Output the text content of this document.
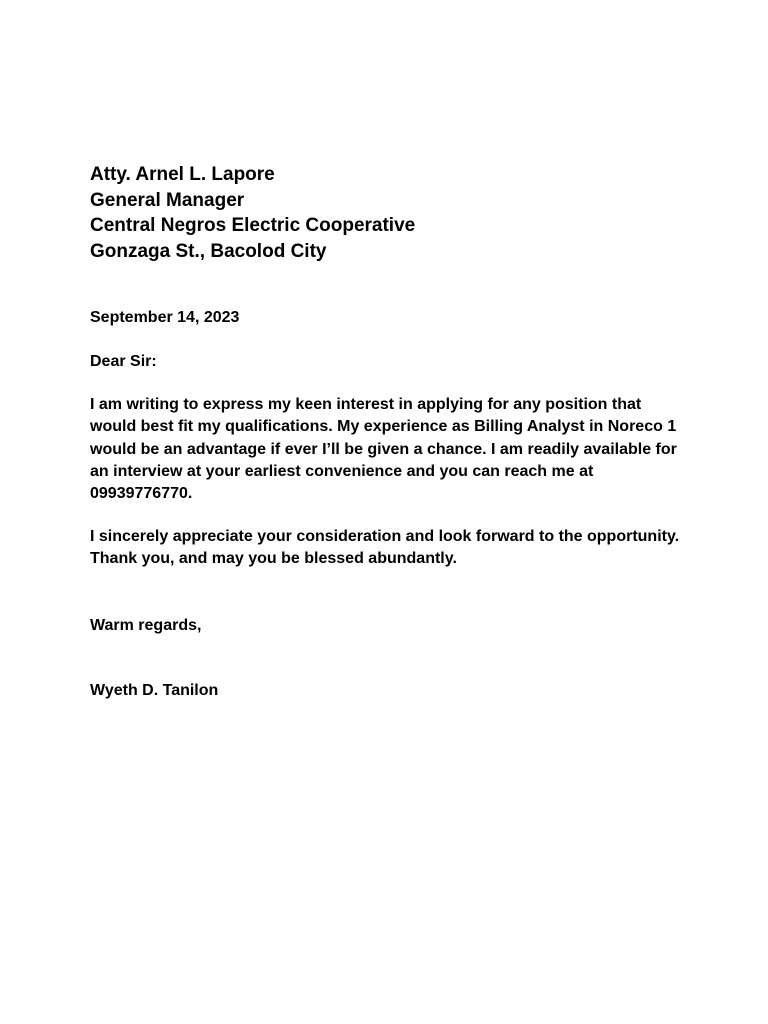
Atty. Arnel L. Lapore
General Manager
Central Negros Electric Cooperative
Gonzaga St., Bacolod City
September 14, 2023
Dear Sir:
I am writing to express my keen interest in applying for any position that would best fit my qualifications. My experience as Billing Analyst in Noreco 1 would be an advantage if ever I’ll be given a chance. I am readily available for an interview at your earliest convenience and you can reach me at 09939776770.
I sincerely appreciate your consideration and look forward to the opportunity. Thank you, and may you be blessed abundantly.
Warm regards,
Wyeth D. Tanilon
